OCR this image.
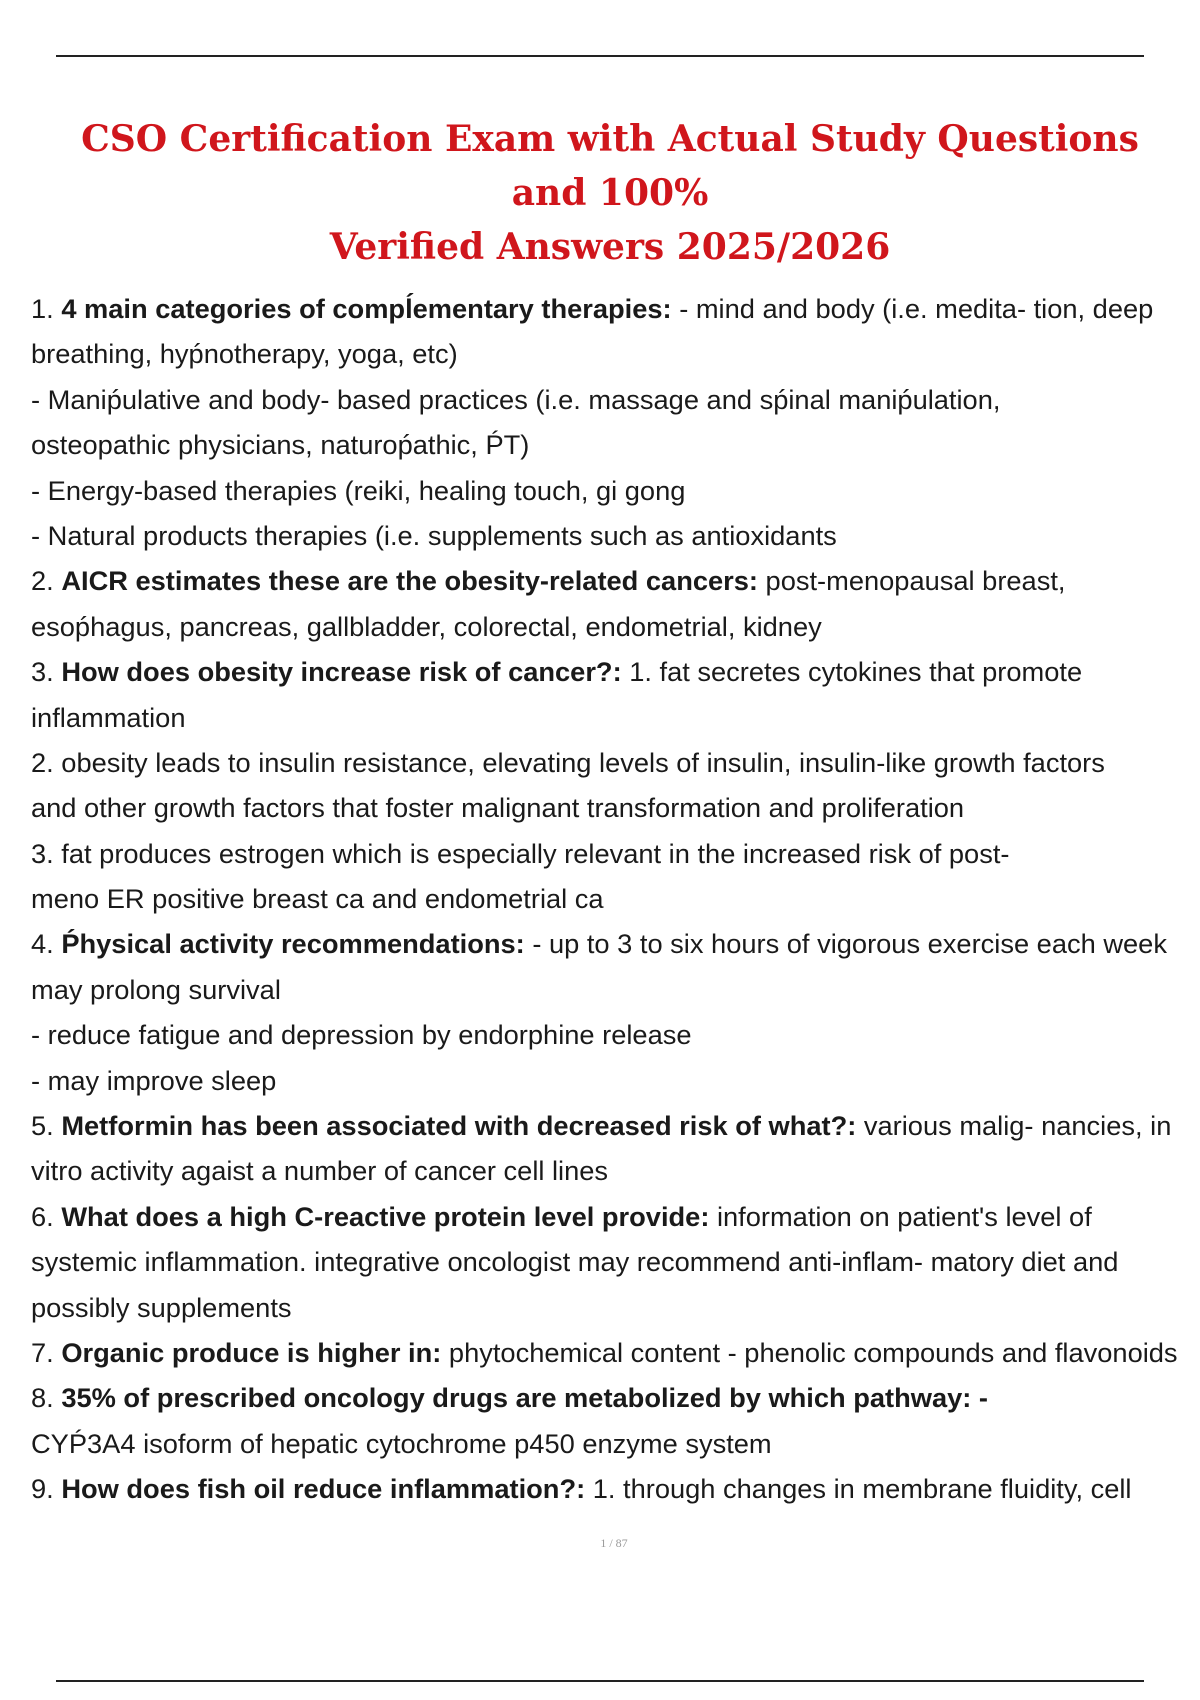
CSO Certification Exam with Actual Study Questions and 100%
Verified Answers 2025/2026
1. 4 main categories of compĺementary therapies: - mind and body (i.e. medita- tion, deep
breathing, hyṕnotherapy, yoga, etc)
- Maniṕulative and body- based practices (i.e. massage and sṕinal maniṕulation,
osteopathic physicians, naturoṕathic, ṔT)
- Energy-based therapies (reiki, healing touch, gi gong
- Natural products therapies (i.e. supplements such as antioxidants
2. AICR estimates these are the obesity-related cancers: post-menopausal breast,
esoṕhagus, pancreas, gallbladder, colorectal, endometrial, kidney
3. How does obesity increase risk of cancer?: 1. fat secretes cytokines that promote
inflammation
2. obesity leads to insulin resistance, elevating levels of insulin, insulin-like growth factors
and other growth factors that foster malignant transformation and proliferation
3. fat produces estrogen which is especially relevant in the increased risk of post-
meno ER positive breast ca and endometrial ca
4. Ṕhysical activity recommendations: - up to 3 to six hours of vigorous exercise each week
may prolong survival
- reduce fatigue and depression by endorphine release
- may improve sleep
5. Metformin has been associated with decreased risk of what?: various malig- nancies, in
vitro activity agaist a number of cancer cell lines
6. What does a high C-reactive protein level provide: information on patient's level of
systemic inflammation. integrative oncologist may recommend anti-inflam- matory diet and
possibly supplements
7. Organic produce is higher in: phytochemical content - phenolic compounds and flavonoids
8. 35% of prescribed oncology drugs are metabolized by which pathway: -
CYṔ3A4 isoform of hepatic cytochrome p450 enzyme system
9. How does fish oil reduce inflammation?: 1. through changes in membrane fluidity, cell
1 / 87
